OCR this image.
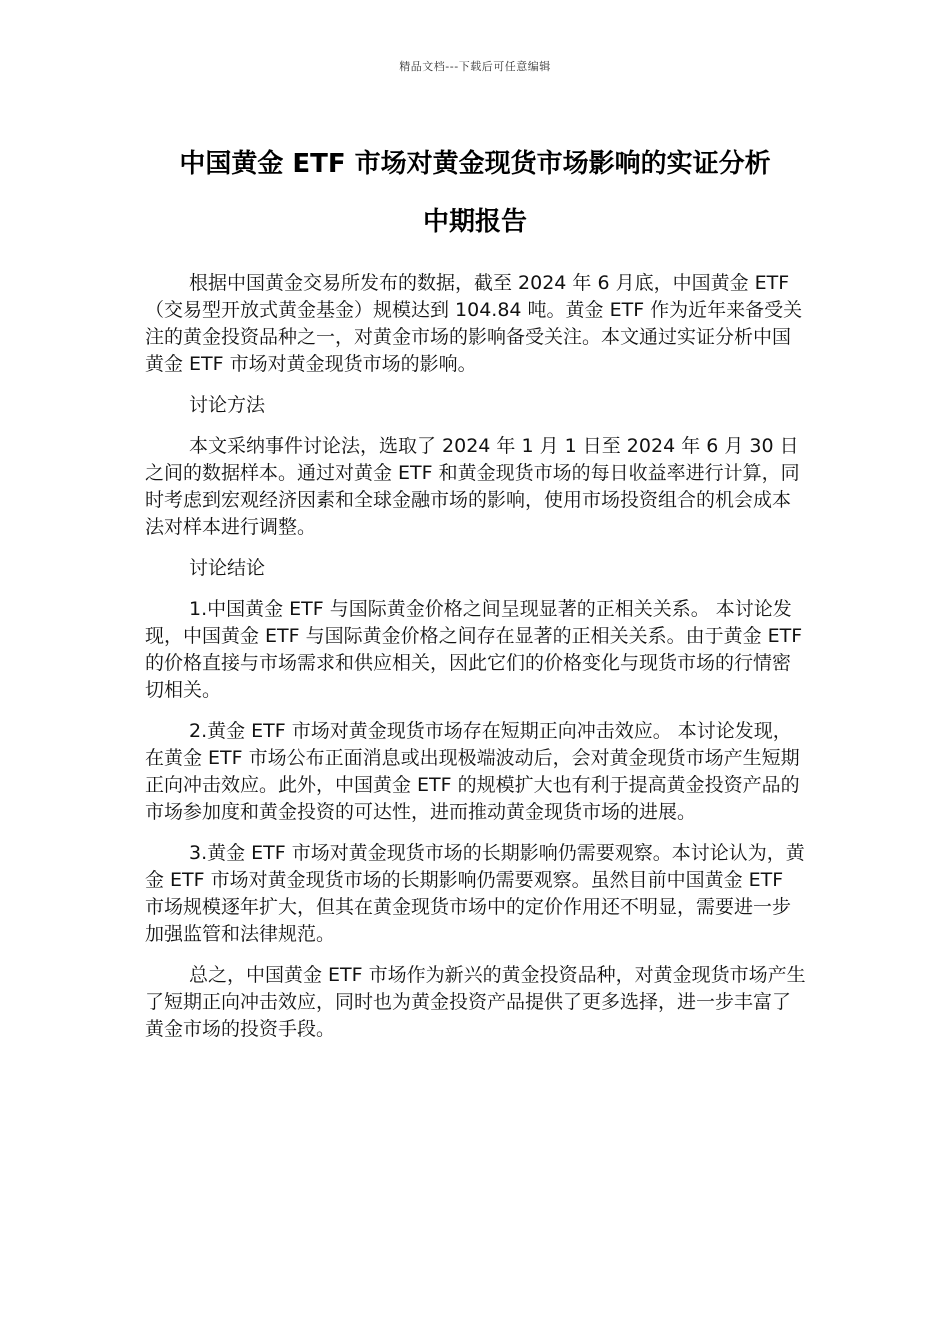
精品文档---下载后可任意编辑
中国黄金 ETF 市场对黄金现货市场影响的实证分析
中期报告

根据中国黄金交易所发布的数据，截至 2024 年 6 月底，中国黄金 ETF（交易型开放式黄金基金）规模达到 104.84 吨。黄金 ETF 作为近年来备受关注的黄金投资品种之一，对黄金市场的影响备受关注。本文通过实证分析中国黄金 ETF 市场对黄金现货市场的影响。

讨论方法

本文采纳事件讨论法，选取了 2024 年 1 月 1 日至 2024 年 6 月 30 日之间的数据样本。通过对黄金 ETF 和黄金现货市场的每日收益率进行计算，同时考虑到宏观经济因素和全球金融市场的影响，使用市场投资组合的机会成本法对样本进行调整。

讨论结论

1.中国黄金 ETF 与国际黄金价格之间呈现显著的正相关关系。 本讨论发现，中国黄金 ETF 与国际黄金价格之间存在显著的正相关关系。由于黄金 ETF 的价格直接与市场需求和供应相关，因此它们的价格变化与现货市场的行情密切相关。

2.黄金 ETF 市场对黄金现货市场存在短期正向冲击效应。 本讨论发现，在黄金 ETF 市场公布正面消息或出现极端波动后，会对黄金现货市场产生短期正向冲击效应。此外，中国黄金 ETF 的规模扩大也有利于提高黄金投资产品的市场参加度和黄金投资的可达性，进而推动黄金现货市场的进展。

3.黄金 ETF 市场对黄金现货市场的长期影响仍需要观察。本讨论认为，黄金 ETF 市场对黄金现货市场的长期影响仍需要观察。虽然目前中国黄金 ETF 市场规模逐年扩大，但其在黄金现货市场中的定价作用还不明显，需要进一步加强监管和法律规范。

总之，中国黄金 ETF 市场作为新兴的黄金投资品种，对黄金现货市场产生了短期正向冲击效应，同时也为黄金投资产品提供了更多选择，进一步丰富了黄金市场的投资手段。
